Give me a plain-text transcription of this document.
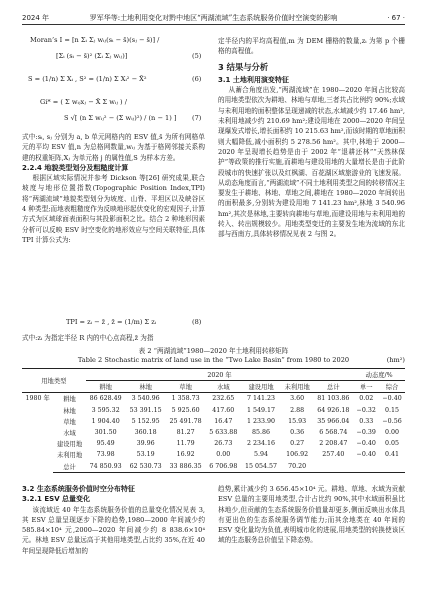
2024 年	罗军华等:土地利用变化对黔中地区“两湖流域”生态系统服务价值时空演变的影响	· 67 ·
Moran’s I = [n Σᵢ Σⱼ wᵢⱼ(sᵢ − s̄)(sⱼ − s̄)] /
[Σᵢ (sᵢ − s̄)² (Σᵢ Σⱼ wᵢⱼ)]	(5)
S = (1/n) Σ Xᵢ , S² = (1/n) Σ Xᵢ² − X̄²	(6)
Gi* = ( Σ wᵢⱼxⱼ − X̄ Σ wᵢⱼ ) /
S √[ (n Σ wᵢⱼ² − (Σ wᵢⱼ)²) / (n − 1) ] (7)

式中:sᵢ, sⱼ 分别为 a, b 单元网格内的 ESV 值,s̄ 为所有网格单元的平均 ESV 值,n 为总格网数量,wᵢⱼ 为基于格网邻接关系构建的权重矩阵,Xⱼ 为单元格 j 的属性值,S 为样本方差。

2.2.4 地貌类型划分及粗糙度计算

根据区域实际情况并参考 Dickson 等[26] 研究成果,联合坡度与地形位置指数(Topographic Position Index,TPI)将“两湖流域”地貌类型划分为坡度、山脊、平坦区以及峡谷区 4 种类型;而地表粗糙度作为反映地形起伏变化的宏观因子,计算方式为区域球面表面积与其投影面积之比。结合 2 种地形因素分析可以反映 ESV 时空变化的地形效应与空间关联特征,具体 TPI 计算公式为:

TPI = zᵢ − z̄ , z̄ = (1/m) Σ zᵢ	(8)

式中:zᵢ 为指定半径 R 内的中心点高程,z̄ 为指

定半径内的平均高程值,m 为 DEM 栅格的数量,zᵢ 为第 p 个栅格的高程值。

3 结果与分析

3.1 土地利用演变特征

从蓄合角度出发,“两湖流域”在 1980—2020 年间占比较高的用地类型依次为耕地、林地与草地,三者共占比例约 90%;水域与未利用地的面积整体呈现递减的状态,水域减少约 17.46 hm²,未利用地减少约 210.69 hm²;建设用地在 2000—2020 年间呈现爆发式增长,增长面积约 10 215.63 hm²,而该时期的草地面积则大幅降低,减小面积约 5 278.56 hm²。其中,林地于 2000—2020 年呈现增长趋势是由于 2002 年“退耕还林”“天然林保护”等政策的推行实施,而耕地与建设用地的大量增长是由于此阶段城市的快速扩张以及红枫湖、百花湖区域旅游业的飞速发展。从动态角度而言,“两湖流域”不同土地利用类型之间的转移情况主要发生于耕地、林地、草地之间,耕地在 1980—2020 年间转出的面积最多,分别转为建设用地 7 141.23 hm²,林地 3 540.96 hm²,其次是林地,主要转向耕地与草地,而建设用地与未利用地的转入、转出规模较少。用地类型变迁的主要发生地为流域的东北部与西南方,具体转移情况见表 2 与图 2。

表 2 “两湖流域”1980—2020 年土地利用转移矩阵
Table 2 Stochastic matrix of land use in the “Two Lake Basin” from 1980 to 2020	(hm²)
用地类型		2020 年							动态度/%	
		耕地	林地	草地	水域	建设用地	未利用地	总计	单一	综合
1980 年	耕地	86 628.49	3 540.96	1 358.73	232.65	7 141.23	3.60	81 103.86	0.02	−0.40
	林地	3 595.32	53 391.15	5 925.60	417.60	1 549.17	2.88	64 926.18	−0.32	0.15
	草地	1 904.40	5 152.95	25 491.78	16.47	1 233.90	15.93	35 966.04	0.33	−0.56
	水域	301.50	360.18	81.27	5 633.88	85.86	0.36	6 568.74	−0.39	0.00
	建设用地	95.49	39.96	11.79	26.73	2 234.16	0.27	2 208.47	−0.40	0.05
	未利用地	73.98	53.19	16.92	0.00	5.94	106.92	257.40	−0.40	0.41
	总计	74 850.93	62 530.73	33 886.35	6 706.98	15 054.57	70.20			

3.2 生态系统服务价值时空分布特征

3.2.1 ESV 总量变化

该流域近 40 年生态系统服务价值的总量变化情况见表 3,其 ESV 总量呈现逐步下降的趋势,1980—2000 年间减少约 585.84×10⁴ 元,2000—2020 年间减少约 8 838.6×10⁴ 元。林地 ESV 总量远高于其他用地类型,占比约 35%,在近 40 年间呈现降低后增加的

趋势,累计减少约 3 656.45×10⁴ 元。耕地、草地、水域为贡献 ESV 总量的主要用地类型,合计占比约 90%,其中水域面积虽比林地少,但贡献的生态系统服务价值量却更多,侧面反映出水体具有更出色的生态系统服务调节能力;而其余地类在 40 年间的 ESV 变化量均为负值,表明城市化的进展,用地类型的转换使该区域的生态服务总价值呈下降态势。
